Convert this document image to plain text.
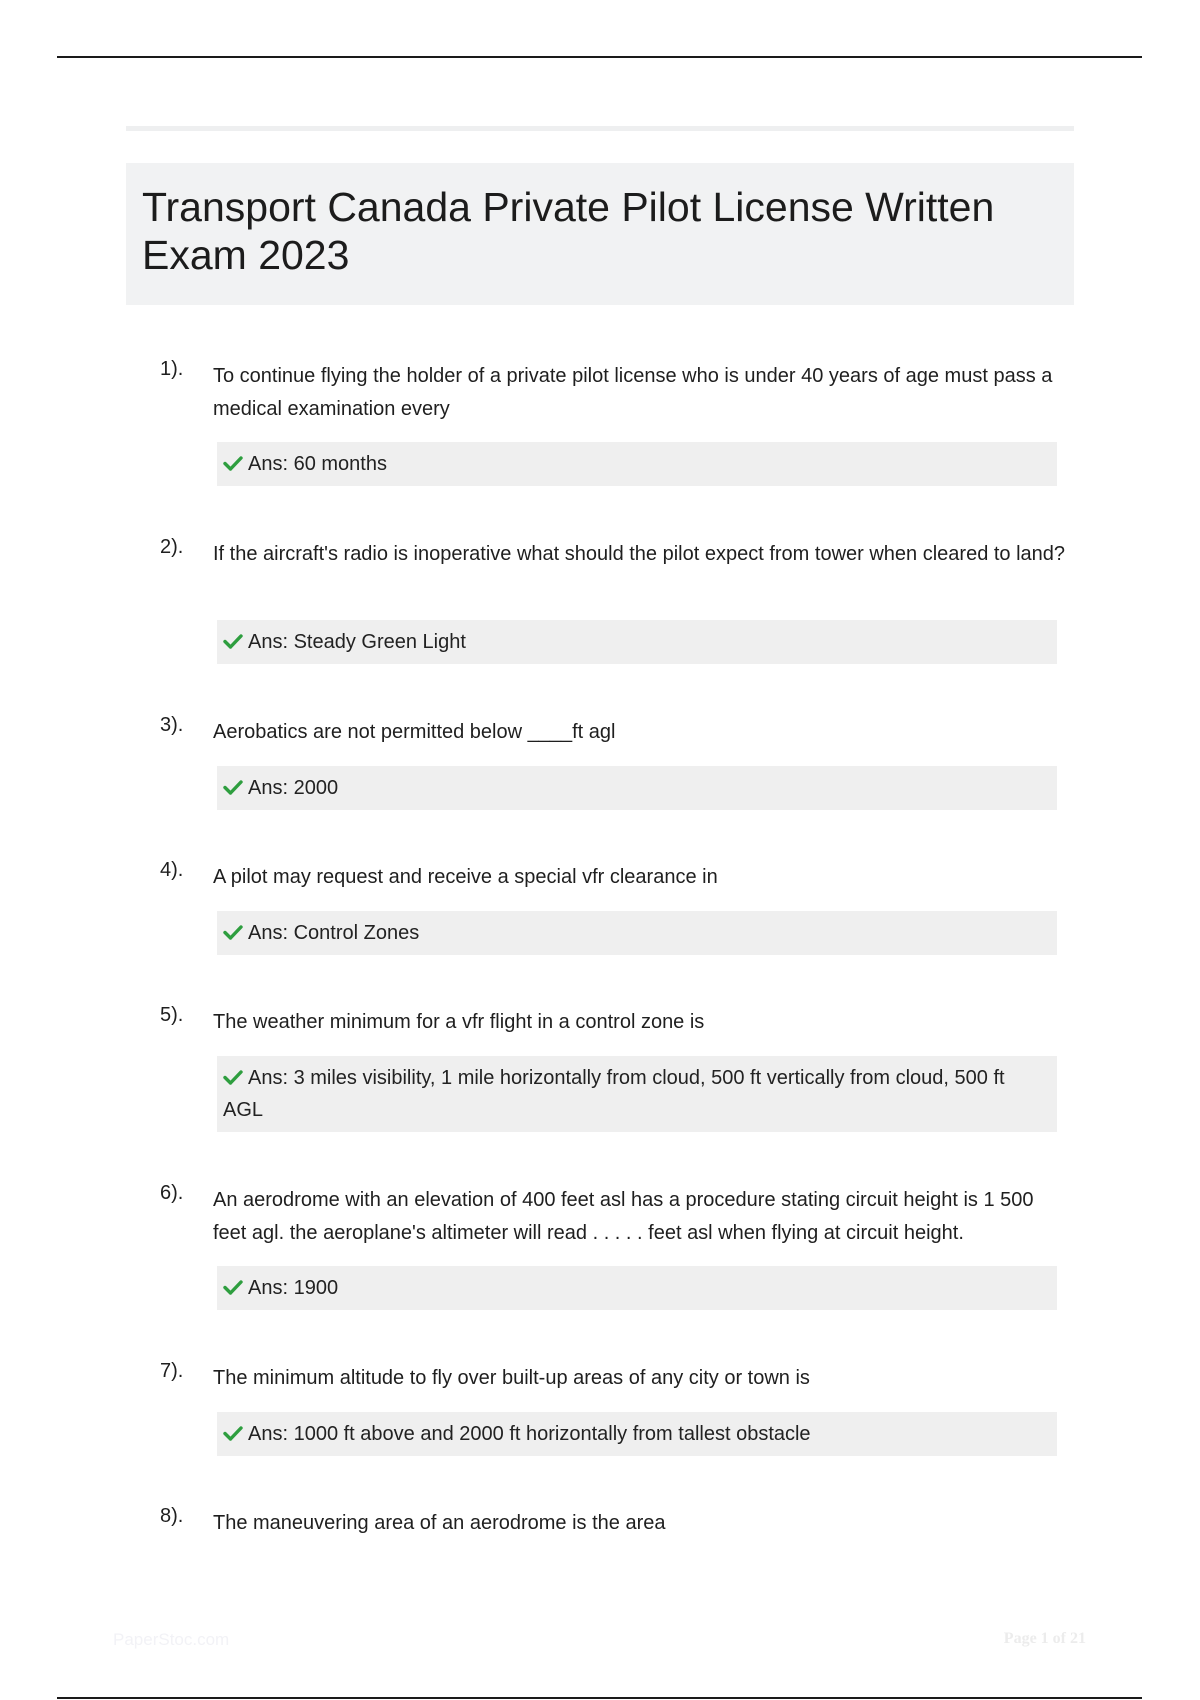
Transport Canada Private Pilot License Written Exam 2023
1). To continue flying the holder of a private pilot license who is under 40 years of age must pass a medical examination every
Ans: 60 months
2). If the aircraft's radio is inoperative what should the pilot expect from tower when cleared to land?
Ans: Steady Green Light
3). Aerobatics are not permitted below ____ft agl
Ans: 2000
4). A pilot may request and receive a special vfr clearance in
Ans: Control Zones
5). The weather minimum for a vfr flight in a control zone is
Ans: 3 miles visibility, 1 mile horizontally from cloud, 500 ft vertically from cloud, 500 ft AGL
6). An aerodrome with an elevation of 400 feet asl has a procedure stating circuit height is 1 500 feet agl. the aeroplane's altimeter will read . . . . . feet asl when flying at circuit height.
Ans: 1900
7). The minimum altitude to fly over built-up areas of any city or town is
Ans: 1000 ft above and 2000 ft horizontally from tallest obstacle
8). The maneuvering area of an aerodrome is the area
PaperStoc.com	Page 1 of 21
